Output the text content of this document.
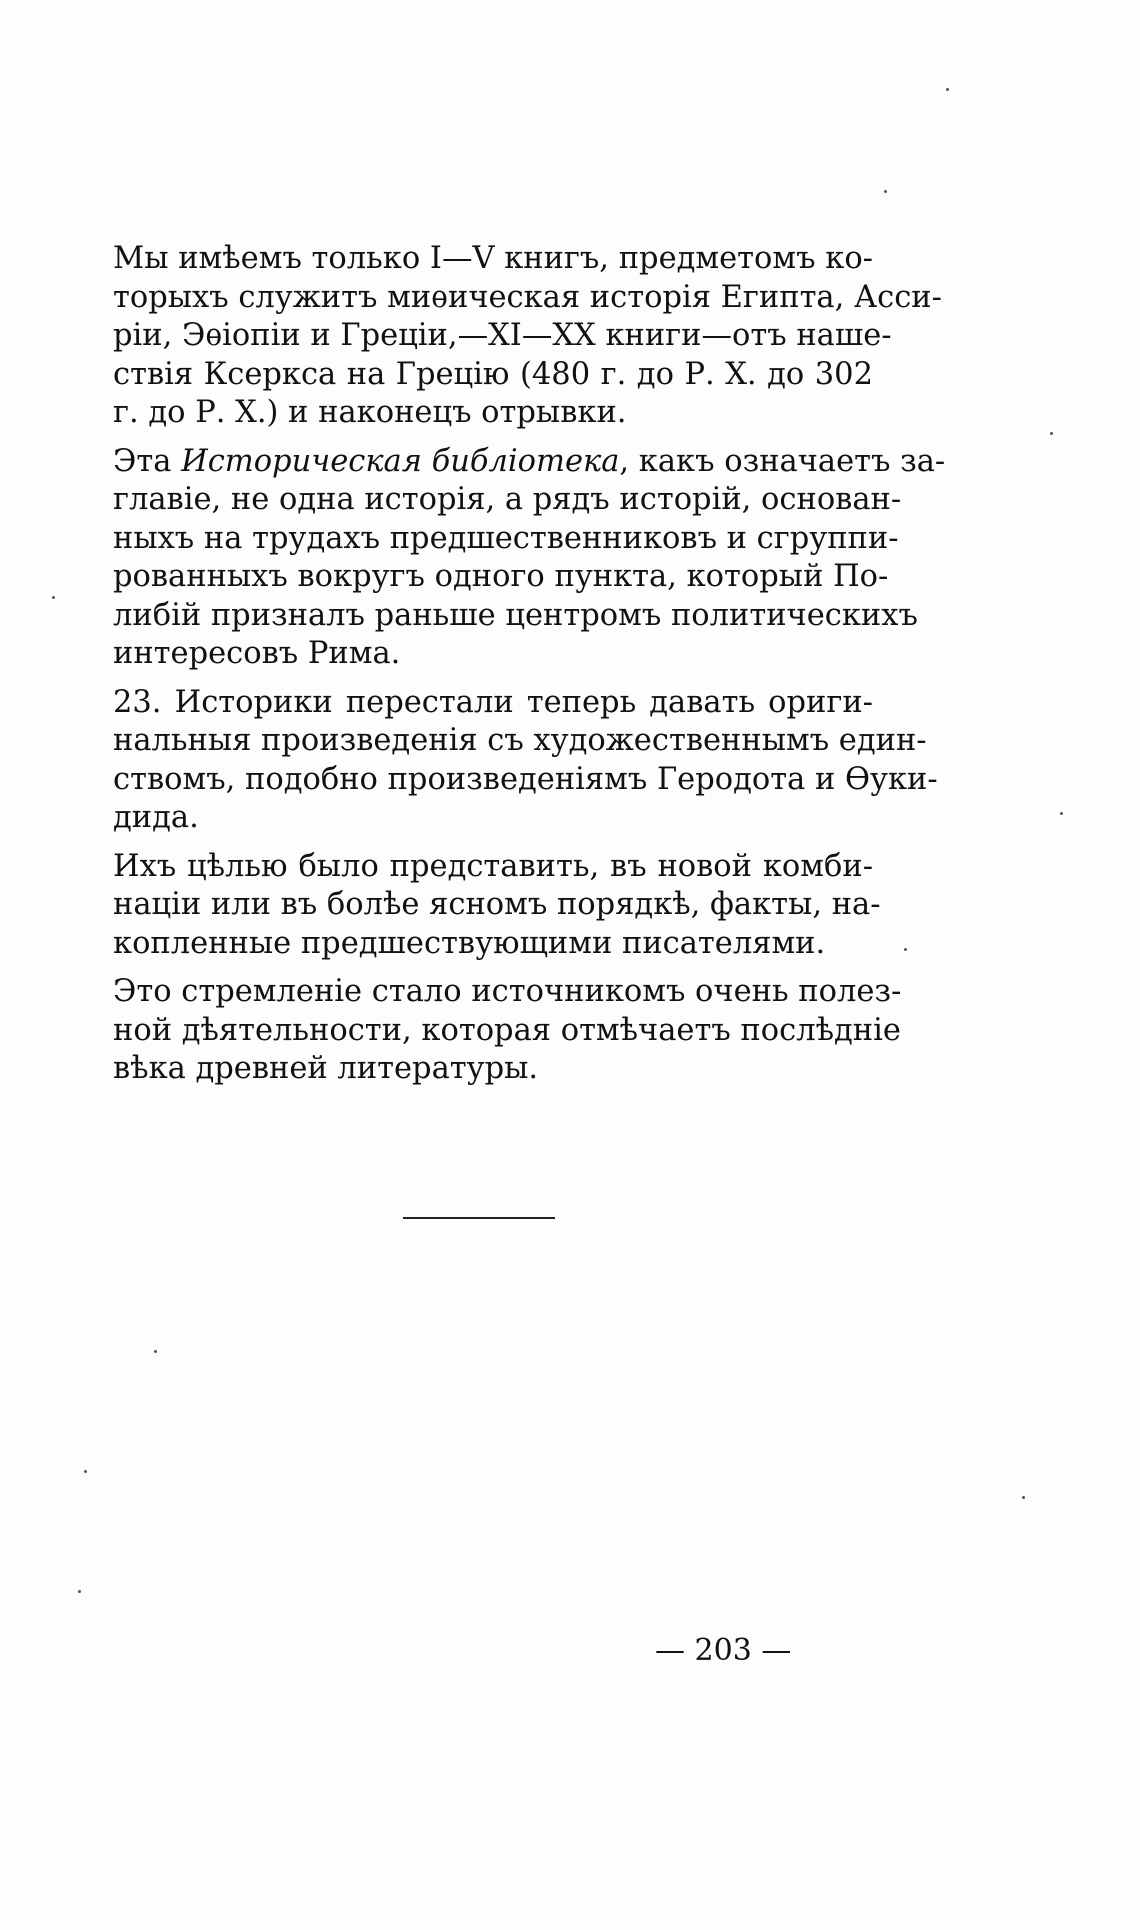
Мы имѣемъ только I—V книгъ, предметомъ ко-
торыхъ служитъ миѳическая исторія Египта, Асси-
ріи, Эѳіопіи и Греціи,—XI—XX книги—отъ наше-
ствія Ксеркса на Грецію (480 г. до Р. Х. до 302
г. до Р. Х.) и наконецъ отрывки.

Эта Историческая библіотека, какъ означаетъ за-
главіе, не одна исторія, а рядъ исторій, основан-
ныхъ на трудахъ предшественниковъ и сгруппи-
рованныхъ вокругъ одного пункта, который По-
либій призналъ раньше центромъ политическихъ
интересовъ Рима.

23. Историки перестали теперь давать ориги-
нальныя произведенія съ художественнымъ един-
ствомъ, подобно произведеніямъ Геродота и Ѳуки-
дида.

Ихъ цѣлью было представить, въ новой комби-
націи или въ болѣе ясномъ порядкѣ, факты, на-
копленные предшествующими писателями.

Это стремленіе стало источникомъ очень полез-
ной дѣятельности, которая отмѣчаетъ послѣдніе
вѣка древней литературы.

— 203 —
